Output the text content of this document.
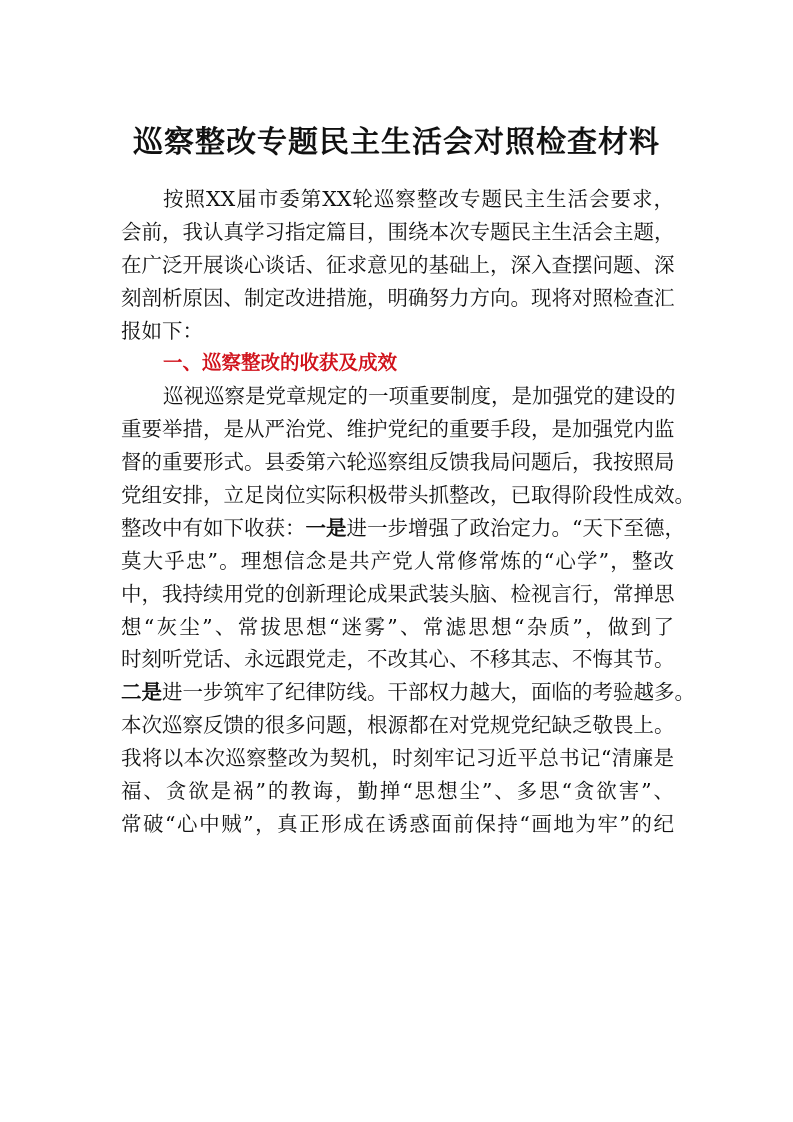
巡察整改专题民主生活会对照检查材料
按照XX届市委第XX轮巡察整改专题民主生活会要求，
会前，我认真学习指定篇目，围绕本次专题民主生活会主题，
在广泛开展谈心谈话、征求意见的基础上，深入查摆问题、深
刻剖析原因、制定改进措施，明确努力方向。现将对照检查汇
报如下：
一、巡察整改的收获及成效
巡视巡察是党章规定的一项重要制度，是加强党的建设的
重要举措，是从严治党、维护党纪的重要手段，是加强党内监
督的重要形式。县委第六轮巡察组反馈我局问题后，我按照局
党组安排，立足岗位实际积极带头抓整改，已取得阶段性成效。
整改中有如下收获：一是进一步增强了政治定力。“天下至德，
莫大乎忠”。理想信念是共产党人常修常炼的“心学”，整改
中，我持续用党的创新理论成果武装头脑、检视言行，常掸思
想“灰尘”、常拔思想“迷雾”、常滤思想“杂质”，做到了
时刻听党话、永远跟党走，不改其心、不移其志、不悔其节。
二是进一步筑牢了纪律防线。干部权力越大，面临的考验越多。
本次巡察反馈的很多问题，根源都在对党规党纪缺乏敬畏上。
我将以本次巡察整改为契机，时刻牢记习近平总书记“清廉是
福、贪欲是祸”的教诲，勤掸“思想尘”、多思“贪欲害”、
常破“心中贼”，真正形成在诱惑面前保持“画地为牢”的纪
